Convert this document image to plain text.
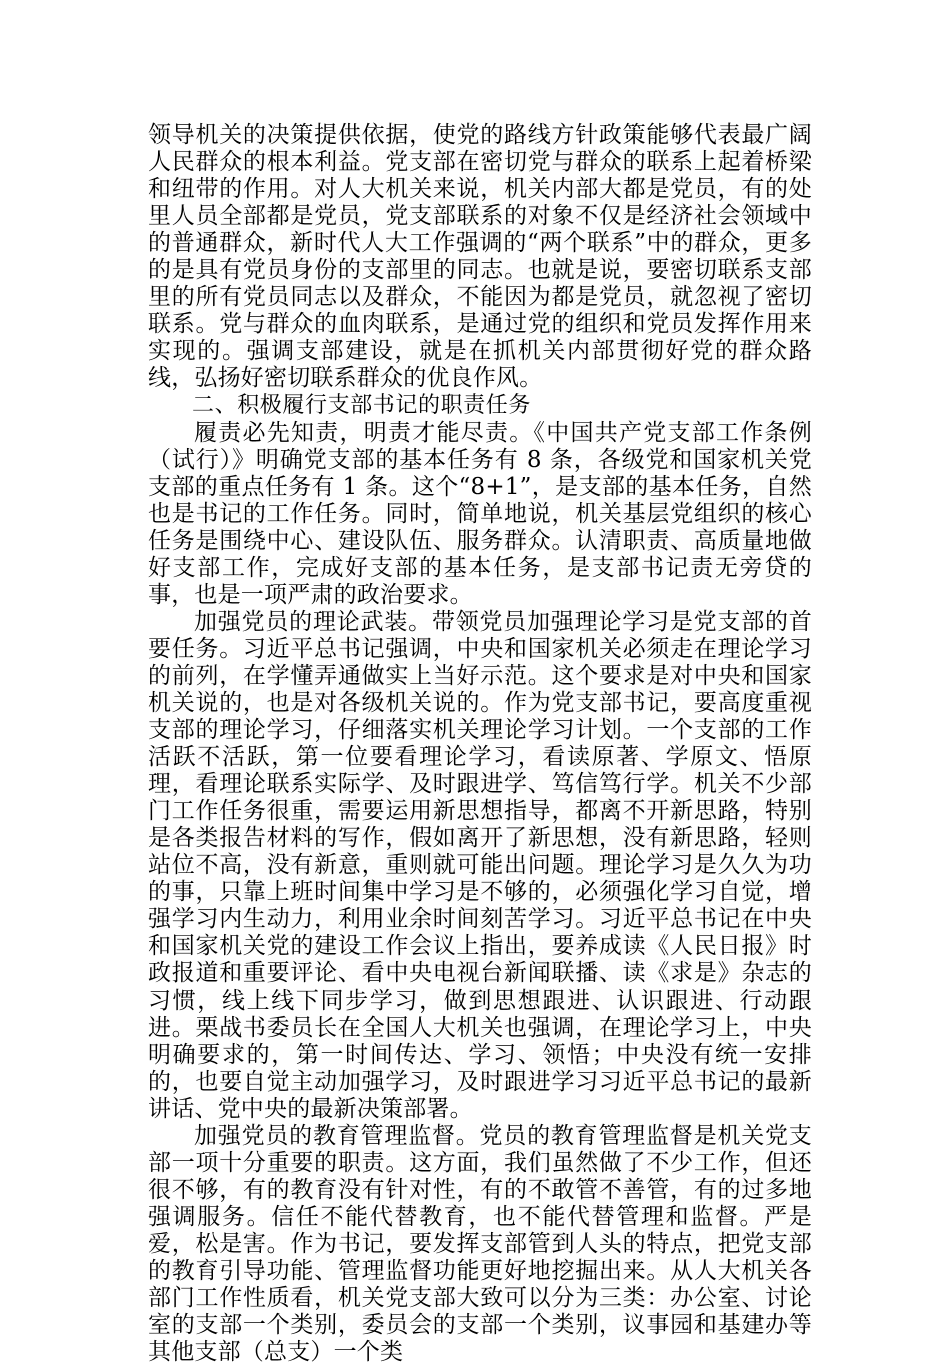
领导机关的决策提供依据，使党的路线方针政策能够代表最广阔人民群众的根本利益。党支部在密切党与群众的联系上起着桥梁和纽带的作用。对人大机关来说，机关内部大都是党员，有的处里人员全部都是党员，党支部联系的对象不仅是经济社会领域中的普通群众，新时代人大工作强调的“两个联系”中的群众，更多的是具有党员身份的支部里的同志。也就是说，要密切联系支部里的所有党员同志以及群众，不能因为都是党员，就忽视了密切联系。党与群众的血肉联系，是通过党的组织和党员发挥作用来实现的。强调支部建设，就是在抓机关内部贯彻好党的群众路线，弘扬好密切联系群众的优良作风。

二、积极履行支部书记的职责任务

履责必先知责，明责才能尽责。《中国共产党支部工作条例（试行）》明确党支部的基本任务有 8 条，各级党和国家机关党支部的重点任务有 1 条。这个“8+1”，是支部的基本任务，自然也是书记的工作任务。同时，简单地说，机关基层党组织的核心任务是围绕中心、建设队伍、服务群众。认清职责、高质量地做好支部工作，完成好支部的基本任务，是支部书记责无旁贷的事，也是一项严肃的政治要求。

加强党员的理论武装。带领党员加强理论学习是党支部的首要任务。习近平总书记强调，中央和国家机关必须走在理论学习的前列，在学懂弄通做实上当好示范。这个要求是对中央和国家机关说的，也是对各级机关说的。作为党支部书记，要高度重视支部的理论学习，仔细落实机关理论学习计划。一个支部的工作活跃不活跃，第一位要看理论学习，看读原著、学原文、悟原理，看理论联系实际学、及时跟进学、笃信笃行学。机关不少部门工作任务很重，需要运用新思想指导，都离不开新思路，特别是各类报告材料的写作，假如离开了新思想，没有新思路，轻则站位不高，没有新意，重则就可能出问题。理论学习是久久为功的事，只靠上班时间集中学习是不够的，必须强化学习自觉，增强学习内生动力，利用业余时间刻苦学习。习近平总书记在中央和国家机关党的建设工作会议上指出，要养成读《人民日报》时政报道和重要评论、看中央电视台新闻联播、读《求是》杂志的习惯，线上线下同步学习，做到思想跟进、认识跟进、行动跟进。栗战书委员长在全国人大机关也强调，在理论学习上，中央明确要求的，第一时间传达、学习、领悟；中央没有统一安排的，也要自觉主动加强学习，及时跟进学习习近平总书记的最新讲话、党中央的最新决策部署。

加强党员的教育管理监督。党员的教育管理监督是机关党支部一项十分重要的职责。这方面，我们虽然做了不少工作，但还很不够，有的教育没有针对性，有的不敢管不善管，有的过多地强调服务。信任不能代替教育，也不能代替管理和监督。严是爱，松是害。作为书记，要发挥支部管到人头的特点，把党支部的教育引导功能、管理监督功能更好地挖掘出来。从人大机关各部门工作性质看，机关党支部大致可以分为三类：办公室、讨论室的支部一个类别，委员会的支部一个类别，议事园和基建办等其他支部（总支）一个类
